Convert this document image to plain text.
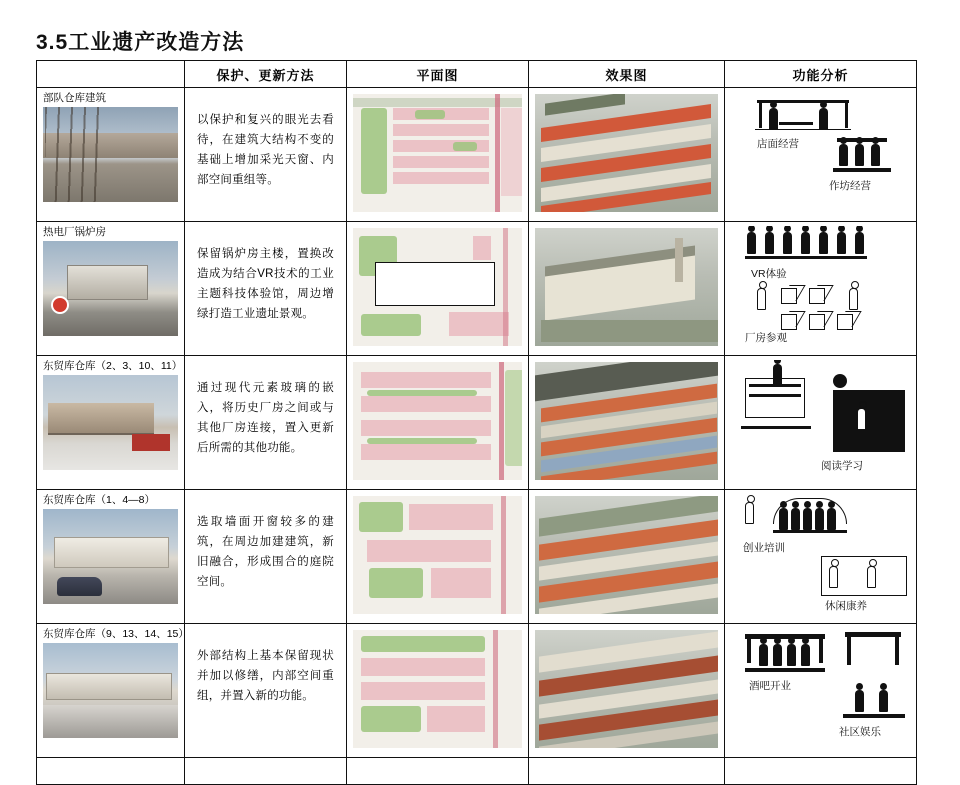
3.5工业遗产改造方法
	保护、更新方法	平面图	效果图	功能分析

部队仓库建筑	以保护和复兴的眼光去看待，在建筑大结构不变的基础上增加采光天窗、内部空间重组等。			店面经营
作坊经营

热电厂锅炉房	保留锅炉房主楼，置换改造成为结合VR技术的工业主题科技体验馆，周边增绿打造工业遗址景观。			VR体验
厂房参观

东贸库仓库（2、3、10、11）	通过现代元素玻璃的嵌入，将历史厂房之间或与其他厂房连接，置入更新后所需的其他功能。			阅读学习

东贸库仓库（1、4—8）	选取墙面开窗较多的建筑，在周边加建建筑，新旧融合，形成围合的庭院空间。			创业培训
休闲康养

东贸库仓库（9、13、14、15）	外部结构上基本保留现状并加以修缮，内部空间重组，并置入新的功能。			酒吧开业
社区娱乐
